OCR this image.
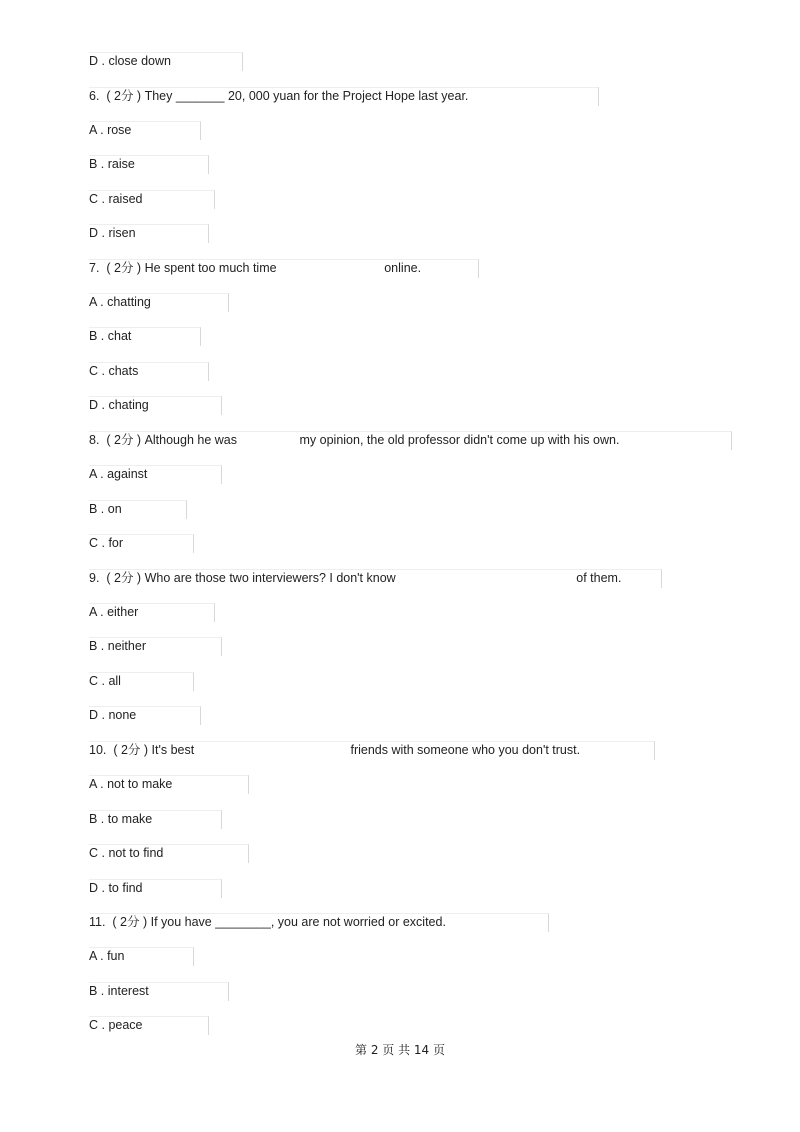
D . close down
6.  ( 2分 ) They _______ 20, 000 yuan for the Project Hope last year.
A . rose
B . raise
C . raised
D . risen
7.  ( 2分 ) He spent too much time                               online.
A . chatting
B . chat
C . chats
D . chating
8.  ( 2分 ) Although he was                  my opinion, the old professor didn't come up with his own.
A . against
B . on
C . for
9.  ( 2分 ) Who are those two interviewers? I don't know                                                    of them.
A . either
B . neither
C . all
D . none
10.  ( 2分 ) It's best                                             friends with someone who you don't trust.
A . not to make
B . to make
C . not to find
D . to find
11.  ( 2分 ) If you have ________, you are not worried or excited.
A . fun
B . interest
C . peace
第 2 页 共 14 页
